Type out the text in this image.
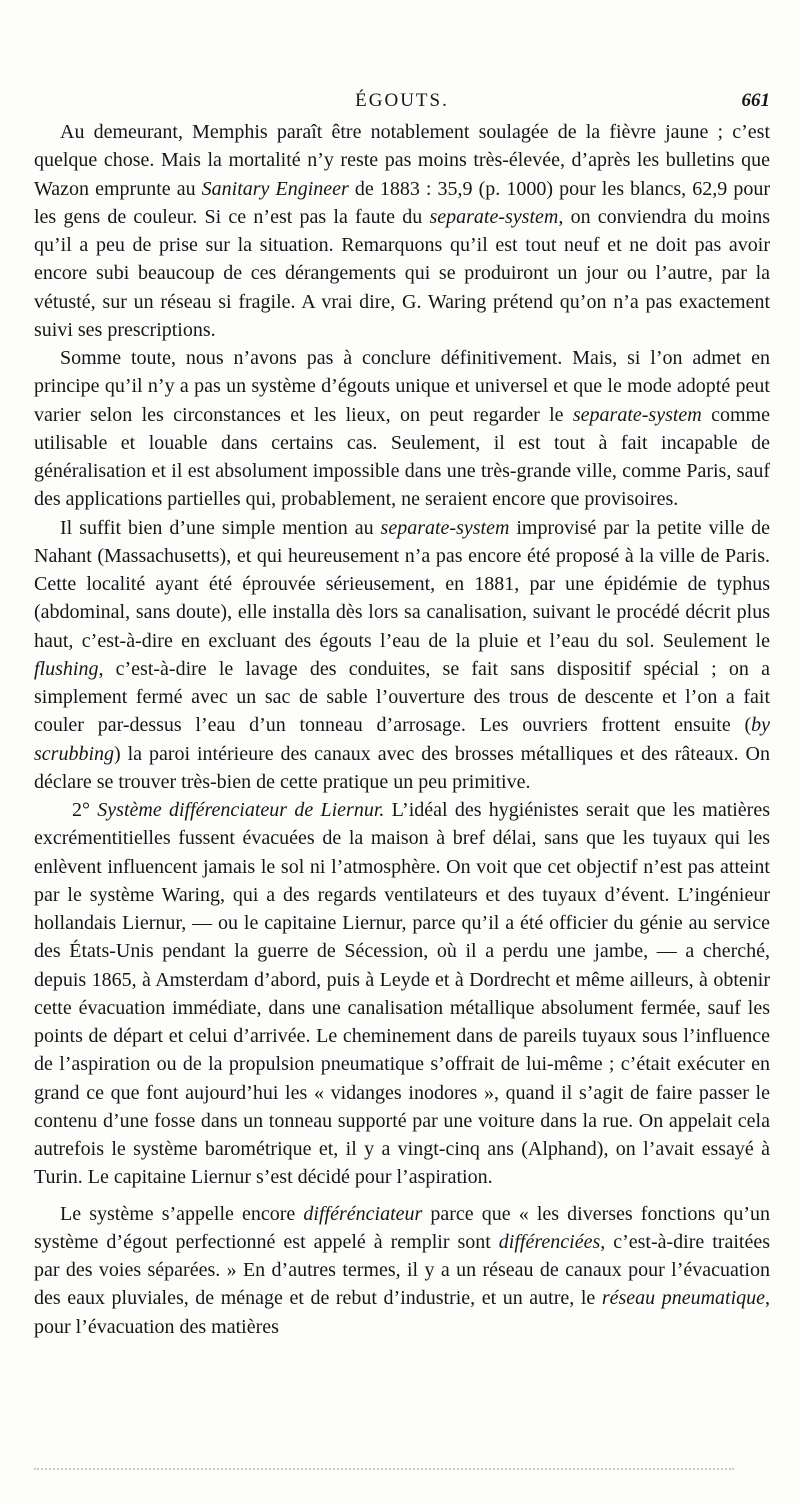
ÉGOUTS.	661

Au demeurant, Memphis paraît être notablement soulagée de la fièvre jaune ; c’est quelque chose. Mais la mortalité n’y reste pas moins très-élevée, d’après les bulletins que Wazon emprunte au Sanitary Engineer de 1883 : 35,9 (p. 1000) pour les blancs, 62,9 pour les gens de couleur. Si ce n’est pas la faute du separate-system, on conviendra du moins qu’il a peu de prise sur la situation. Remarquons qu’il est tout neuf et ne doit pas avoir encore subi beaucoup de ces dérangements qui se produiront un jour ou l’autre, par la vétusté, sur un réseau si fragile. A vrai dire, G. Waring prétend qu’on n’a pas exactement suivi ses prescriptions.

Somme toute, nous n’avons pas à conclure définitivement. Mais, si l’on admet en principe qu’il n’y a pas un système d’égouts unique et universel et que le mode adopté peut varier selon les circonstances et les lieux, on peut regarder le separate-system comme utilisable et louable dans certains cas. Seulement, il est tout à fait incapable de généralisation et il est absolument impossible dans une très-grande ville, comme Paris, sauf des applications partielles qui, probablement, ne seraient encore que provisoires.

Il suffit bien d’une simple mention au separate-system improvisé par la petite ville de Nahant (Massachusetts), et qui heureusement n’a pas encore été proposé à la ville de Paris. Cette localité ayant été éprouvée sérieusement, en 1881, par une épidémie de typhus (abdominal, sans doute), elle installa dès lors sa canalisation, suivant le procédé décrit plus haut, c’est-à-dire en excluant des égouts l’eau de la pluie et l’eau du sol. Seulement le flushing, c’est-à-dire le lavage des conduites, se fait sans dispositif spécial ; on a simplement fermé avec un sac de sable l’ouverture des trous de descente et l’on a fait couler par-dessus l’eau d’un tonneau d’arrosage. Les ouvriers frottent ensuite (by scrubbing) la paroi intérieure des canaux avec des brosses métalliques et des râteaux. On déclare se trouver très-bien de cette pratique un peu primitive.

2° Système différenciateur de Liernur. L’idéal des hygiénistes serait que les matières excrémentitielles fussent évacuées de la maison à bref délai, sans que les tuyaux qui les enlèvent influencent jamais le sol ni l’atmosphère. On voit que cet objectif n’est pas atteint par le système Waring, qui a des regards ventilateurs et des tuyaux d’évent. L’ingénieur hollandais Liernur, — ou le capitaine Liernur, parce qu’il a été officier du génie au service des États-Unis pendant la guerre de Sécession, où il a perdu une jambe, — a cherché, depuis 1865, à Amsterdam d’abord, puis à Leyde et à Dordrecht et même ailleurs, à obtenir cette évacuation immédiate, dans une canalisation métallique absolument fermée, sauf les points de départ et celui d’arrivée. Le cheminement dans de pareils tuyaux sous l’influence de l’aspiration ou de la propulsion pneumatique s’offrait de lui-même ; c’était exécuter en grand ce que font aujourd’hui les « vidanges inodores », quand il s’agit de faire passer le contenu d’une fosse dans un tonneau supporté par une voiture dans la rue. On appelait cela autrefois le système barométrique et, il y a vingt-cinq ans (Alphand), on l’avait essayé à Turin. Le capitaine Liernur s’est décidé pour l’aspiration.

Le système s’appelle encore différénciateur parce que « les diverses fonctions qu’un système d’égout perfectionné est appelé à remplir sont différenciées, c’est-à-dire traitées par des voies séparées. » En d’autres termes, il y a un réseau de canaux pour l’évacuation des eaux pluviales, de ménage et de rebut d’industrie, et un autre, le réseau pneumatique, pour l’évacuation des matières
